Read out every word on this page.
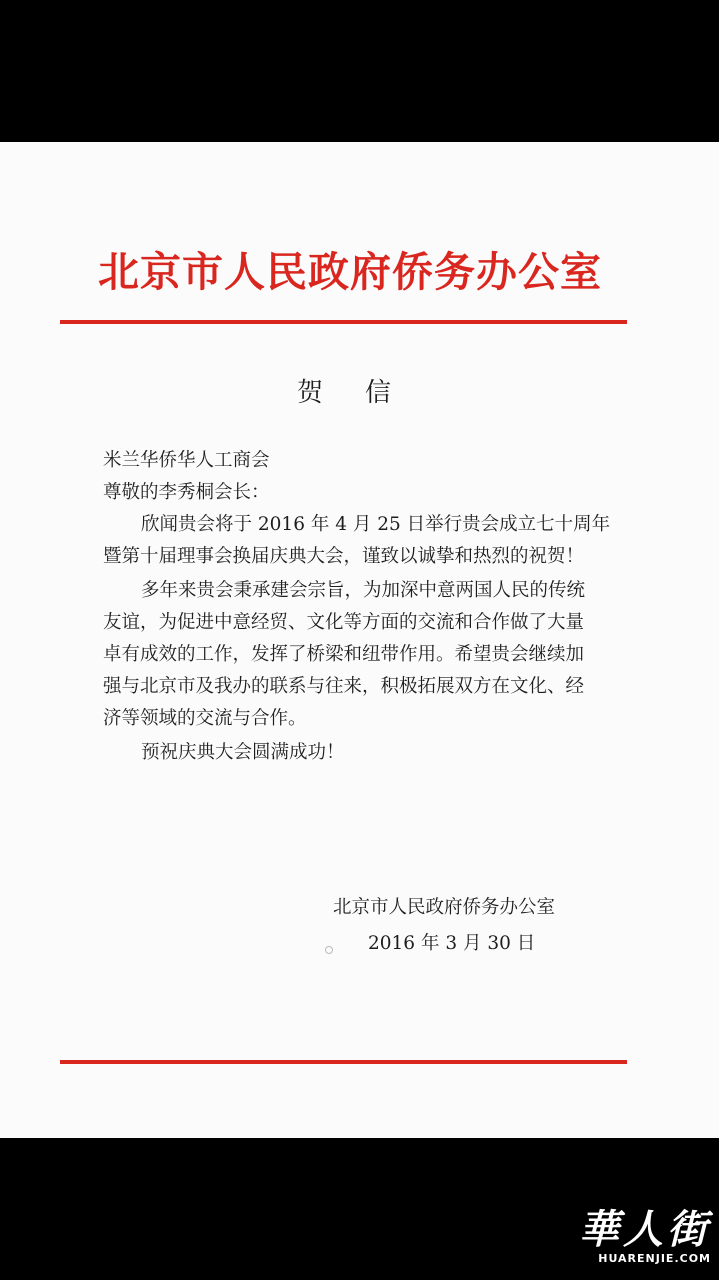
北京市人民政府侨务办公室
贺 信
米兰华侨华人工商会
尊敬的李秀桐会长：
欣闻贵会将于 2016 年 4 月 25 日举行贵会成立七十周年
暨第十届理事会换届庆典大会，谨致以诚挚和热烈的祝贺！
多年来贵会秉承建会宗旨，为加深中意两国人民的传统
友谊，为促进中意经贸、文化等方面的交流和合作做了大量
卓有成效的工作，发挥了桥梁和纽带作用。希望贵会继续加
强与北京市及我办的联系与往来，积极拓展双方在文化、经
济等领域的交流与合作。
预祝庆典大会圆满成功！
北京市人民政府侨务办公室
2016 年 3 月 30 日
華人街
HUARENJIE.COM
